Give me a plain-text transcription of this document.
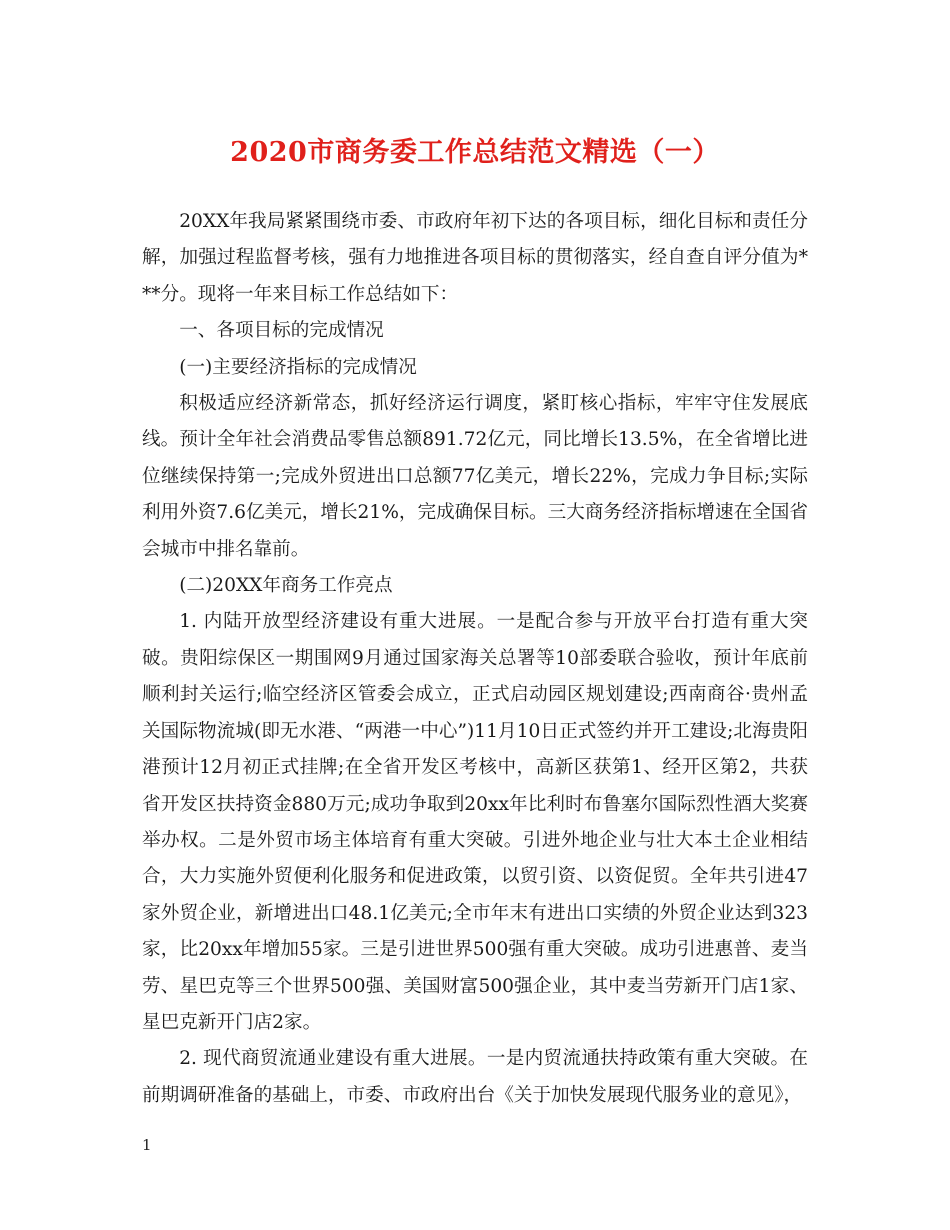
2020市商务委工作总结范文精选（一）

20XX年我局紧紧围绕市委、市政府年初下达的各项目标，细化目标和责任分解，加强过程监督考核，强有力地推进各项目标的贯彻落实，经自查自评分值为***分。现将一年来目标工作总结如下：

一、各项目标的完成情况

(一)主要经济指标的完成情况

积极适应经济新常态，抓好经济运行调度，紧盯核心指标，牢牢守住发展底线。预计全年社会消费品零售总额891.72亿元，同比增长13.5%，在全省增比进位继续保持第一;完成外贸进出口总额77亿美元，增长22%，完成力争目标;实际利用外资7.6亿美元，增长21%，完成确保目标。三大商务经济指标增速在全国省会城市中排名靠前。

(二)20XX年商务工作亮点

1. 内陆开放型经济建设有重大进展。一是配合参与开放平台打造有重大突破。贵阳综保区一期围网9月通过国家海关总署等10部委联合验收，预计年底前顺利封关运行;临空经济区管委会成立，正式启动园区规划建设;西南商谷·贵州孟关国际物流城(即无水港、“两港一中心”)11月10日正式签约并开工建设;北海贵阳港预计12月初正式挂牌;在全省开发区考核中，高新区获第1、经开区第2，共获省开发区扶持资金880万元;成功争取到20xx年比利时布鲁塞尔国际烈性酒大奖赛举办权。二是外贸市场主体培育有重大突破。引进外地企业与壮大本土企业相结合，大力实施外贸便利化服务和促进政策，以贸引资、以资促贸。全年共引进47家外贸企业，新增进出口48.1亿美元;全市年末有进出口实绩的外贸企业达到323家，比20xx年增加55家。三是引进世界500强有重大突破。成功引进惠普、麦当劳、星巴克等三个世界500强、美国财富500强企业，其中麦当劳新开门店1家、星巴克新开门店2家。

2. 现代商贸流通业建设有重大进展。一是内贸流通扶持政策有重大突破。在前期调研准备的基础上，市委、市政府出台《关于加快发展现代服务业的意见》，

1
